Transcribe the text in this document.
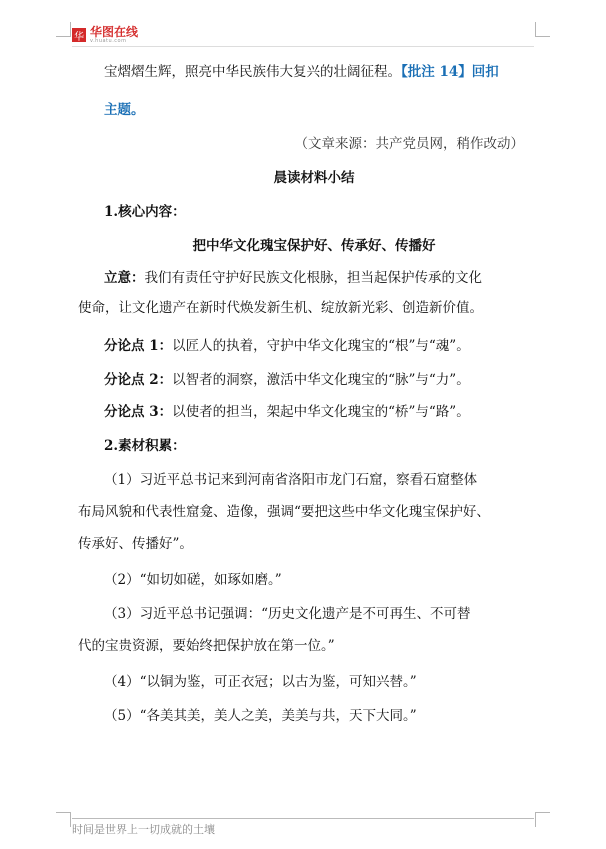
华 华图在线
v.huatu.com
宝熠熠生辉，照亮中华民族伟大复兴的壮阔征程。【批注 14】回扣
主题。
（文章来源：共产党员网，稍作改动）
晨读材料小结
1.核心内容：
把中华文化瑰宝保护好、传承好、传播好
立意：我们有责任守护好民族文化根脉，担当起保护传承的文化
使命，让文化遗产在新时代焕发新生机、绽放新光彩、创造新价值。
分论点 1：以匠人的执着，守护中华文化瑰宝的“根”与“魂”。
分论点 2：以智者的洞察，激活中华文化瑰宝的“脉”与“力”。
分论点 3：以使者的担当，架起中华文化瑰宝的“桥”与“路”。
2.素材积累：
（1）习近平总书记来到河南省洛阳市龙门石窟，察看石窟整体
布局风貌和代表性窟龛、造像，强调“要把这些中华文化瑰宝保护好、
传承好、传播好”。
（2）“如切如磋，如琢如磨。”
（3）习近平总书记强调：“历史文化遗产是不可再生、不可替
代的宝贵资源，要始终把保护放在第一位。”
（4）“以铜为鉴，可正衣冠；以古为鉴，可知兴替。”
（5）“各美其美，美人之美，美美与共，天下大同。”
时间是世界上一切成就的土壤
